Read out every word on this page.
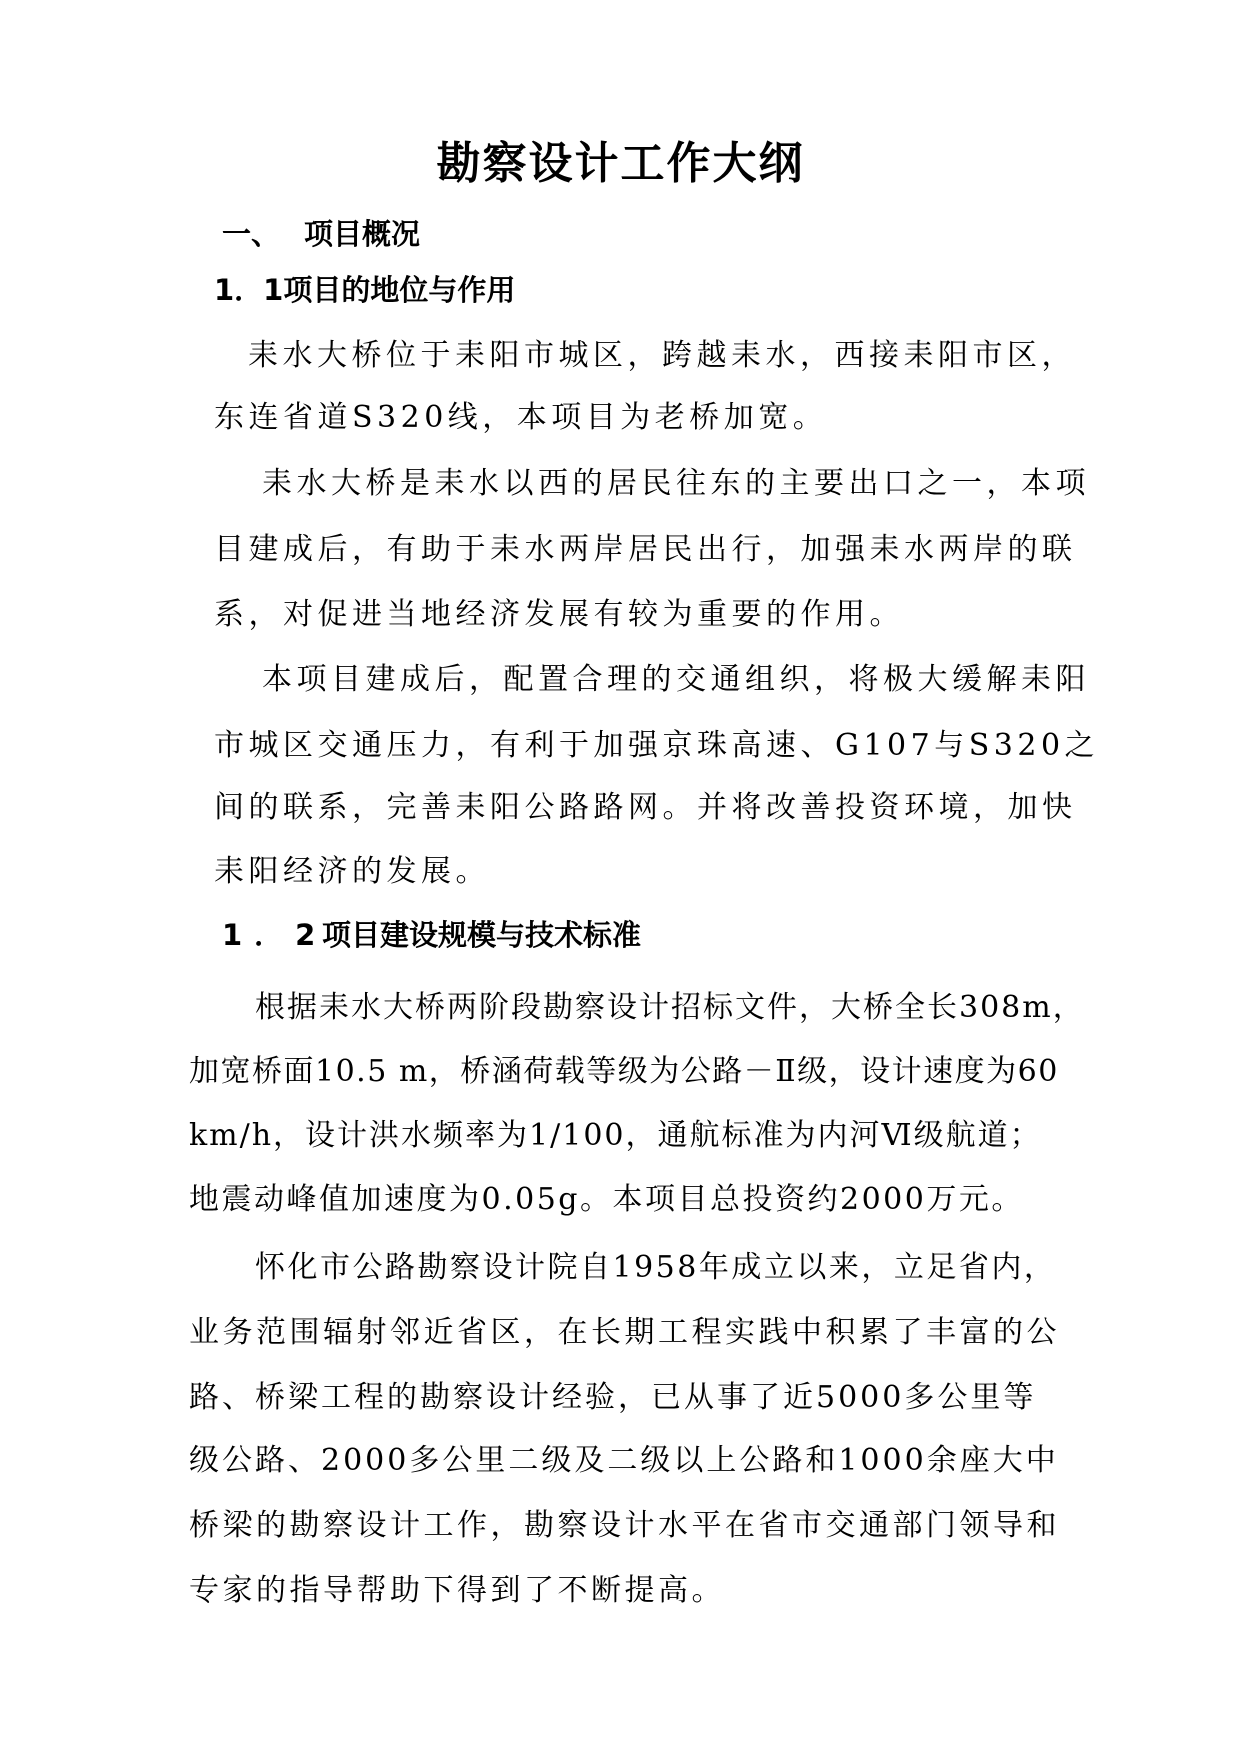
勘察设计工作大纲
一、 项目概况
1．1项目的地位与作用
耒水大桥位于耒阳市城区，跨越耒水，西接耒阳市区，
东连省道S320线，本项目为老桥加宽。
耒水大桥是耒水以西的居民往东的主要出口之一，本项
目建成后，有助于耒水两岸居民出行，加强耒水两岸的联
系，对促进当地经济发展有较为重要的作用。
本项目建成后，配置合理的交通组织，将极大缓解耒阳
市城区交通压力，有利于加强京珠高速、G107与S320之
间的联系，完善耒阳公路路网。并将改善投资环境，加快
耒阳经济的发展。
1．2项目建设规模与技术标准
根据耒水大桥两阶段勘察设计招标文件，大桥全长308m，
加宽桥面10.5 m，桥涵荷载等级为公路－Ⅱ级，设计速度为60
km/h，设计洪水频率为1/100，通航标准为内河Ⅵ级航道；
地震动峰值加速度为0.05g。本项目总投资约2000万元。
怀化市公路勘察设计院自1958年成立以来，立足省内，
业务范围辐射邻近省区，在长期工程实践中积累了丰富的公
路、桥梁工程的勘察设计经验，已从事了近5000多公里等
级公路、2000多公里二级及二级以上公路和1000余座大中
桥梁的勘察设计工作，勘察设计水平在省市交通部门领导和
专家的指导帮助下得到了不断提高。
